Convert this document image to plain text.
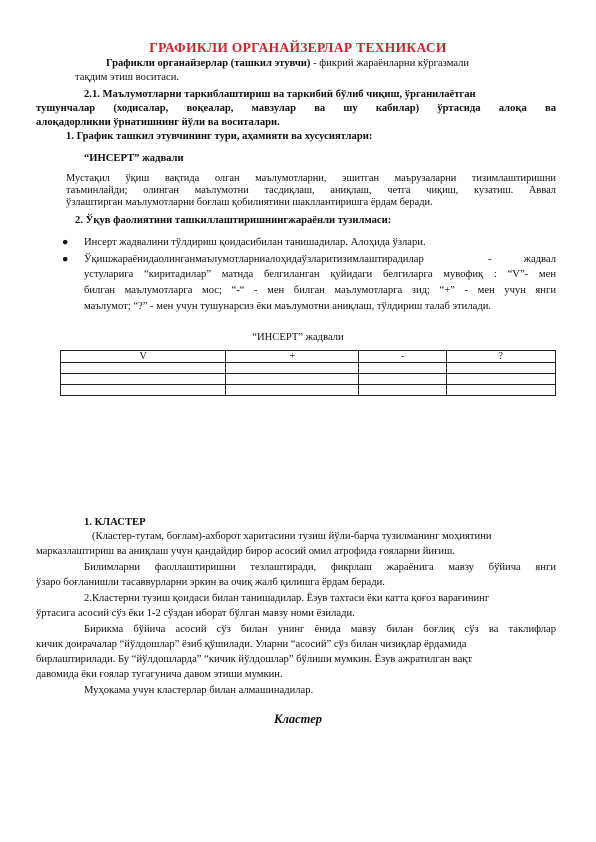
ГРАФИКЛИ ОРГАНАЙЗЕРЛАР ТЕХНИКАСИ
Графикли органайзерлар (ташкил этувчи) - фикрий жараёнларни кўргазмали
тақдим этиш воситаси.
2.1. Маълумотларни таркиблаштириш ва таркибий бўлиб чиқиш, ўрганилаётган
тушунчалар (ходисалар, воқеалар, мавзулар ва шу кабилар) ўртасида алоқа ва
алоқадорликни ўрнатишнинг йўли ва воситалари.
1. График ташкил этувчининг тури, аҳамияти ва хусусиятлари:
“ИНСЕРТ” жадвали
Мустақил ўқиш вақтида олган маълумотларни, эшитган маърузаларни тизимлаштиришни
таъминлайди; олинган маълумотни тасдиқлаш, аниқлаш, четга чиқиш, кузатиш. Аввал
ўзлаштирган маълумотларни боғлаш қобилиятини шакллантиришга ёрдам беради.
2. Ўқув фаолиятини ташкиллаштиришнингжараёнли тузилмаси:
● Инсерт жадвалини тўлдириш қоидасибилан танишадилар. Алоҳида ўзлари.
● Ўқишжараёнидаолинганмаълумотларниалоҳидаўзларитизимлаштирадилар	-	жадвал
устуларига “киритадилар” матнда белгиланган қуйидаги белгиларга мувофиқ : “V”- мен
билган маълумотларга мос; “-“ - мен билган маълумотларга зид; “+” - мен учун янги
маълумот; “?” - мен учун тушунарсиз ёки маълумотни аниқлаш, тўлдириш талаб этилади.
“ИНСЕРТ” жадвали
V	+	-	?

1. КЛАСТЕР
(Кластер-тутам, боғлам)-ахборот харитасини тузиш йўли-барча тузилманинг моҳиятини
марказлаштириш ва аниқлаш учун қандайдир бирор асосий омил атрофида ғояларни йиғиш.
Билимларни фаоллаштиришни тезлаштиради, фикрлаш жараёнига мавзу бўйича янги
ўзаро боғланишли тасаввурларни эркин ва очиқ жалб қилишга ёрдам беради.
2.Кластерни тузиш қоидаси билан танишадилар. Ёзув тахтаси ёки катта қоғоз варағининг
ўртасига асосий сўз ёки 1-2 сўздан иборат бўлган мавзу номи ёзилади.
Бирикма бўйича асосий сўз билан унинг ёнида мавзу билан боғлиқ сўз ва таклифлар
кичик доирачалар “йўлдошлар” ёзиб қўшилади. Уларни “асосий” сўз билан чизиқлар ёрдамида
бирлаштирилади. Бу “йўлдошларда” “кичик йўлдошлар” бўлиши мумкин. Ёзув ажратилган вақт
давомида ёки ғоялар тугагунича давом этиши мумкин.
Муҳокама учун кластерлар билан алмашинадилар.
Кластер
